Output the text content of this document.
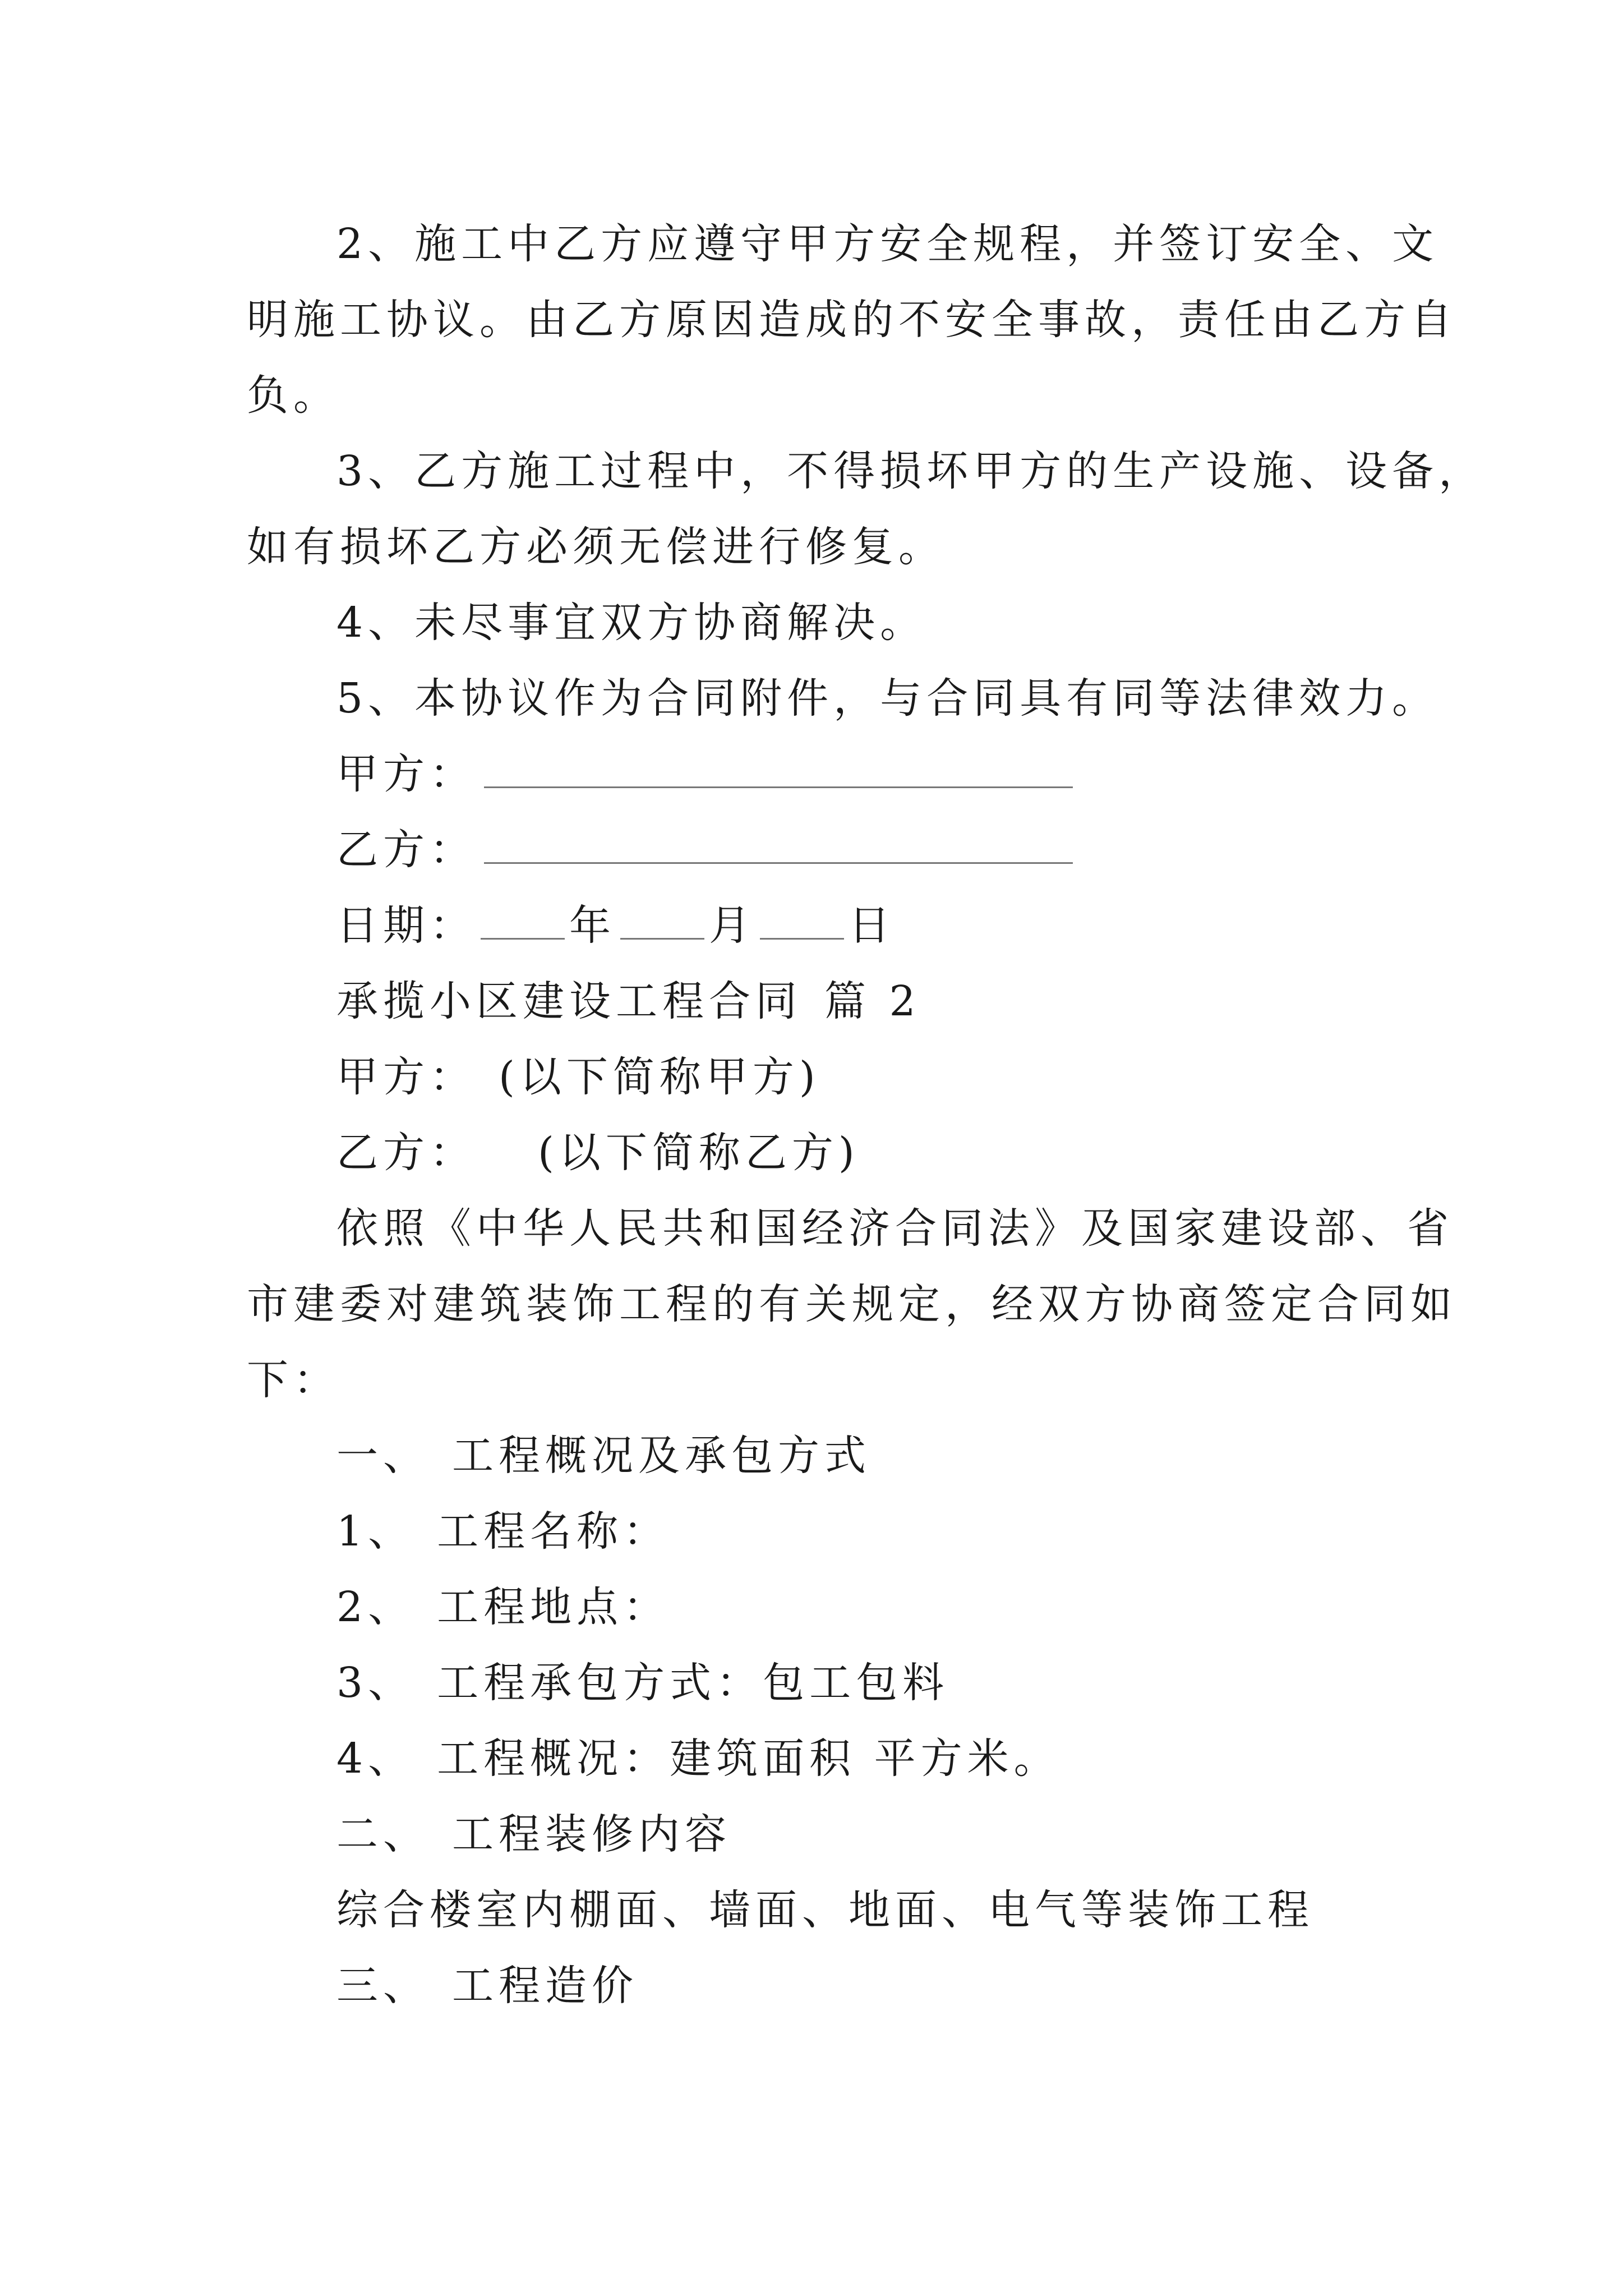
2、施工中乙方应遵守甲方安全规程，并签订安全、文
明施工协议。由乙方原因造成的不安全事故，责任由乙方自
负。
3、乙方施工过程中，不得损坏甲方的生产设施、设备，
如有损坏乙方必须无偿进行修复。
4、未尽事宜双方协商解决。
5、本协议作为合同附件，与合同具有同等法律效力。
甲方：
乙方：
日期： 年 月 日
承揽小区建设工程合同 篇 2
甲方： (以下简称甲方)
乙方： (以下简称乙方)
依照《中华人民共和国经济合同法》及国家建设部、省
市建委对建筑装饰工程的有关规定，经双方协商签定合同如
下：
一、 工程概况及承包方式
1、 工程名称：
2、 工程地点：
3、 工程承包方式：包工包料
4、 工程概况：建筑面积 平方米。
二、 工程装修内容
综合楼室内棚面、墙面、地面、电气等装饰工程
三、 工程造价
